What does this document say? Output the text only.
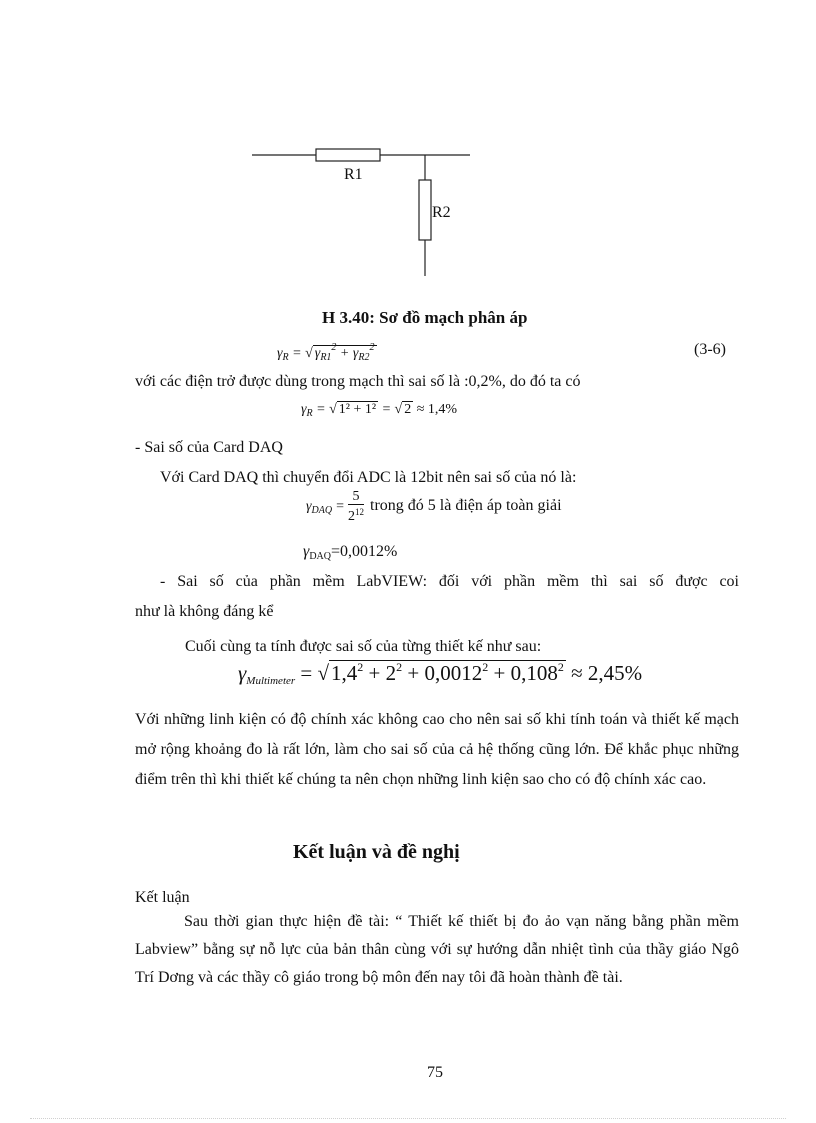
R1
R2
H 3.40: Sơ đồ mạch phân áp
$\gamma_R$ = √ $\gamma_{R1}^2 + \gamma_{R2}^2$	(3-6)
với các điện trở được dùng trong mạch thì sai số là :0,2%, do đó ta có
$\gamma_R$ = √ 1² + 1² = √ 2 ≈ 1,4%
- Sai số của Card DAQ
Với Card DAQ thì chuyển đổi ADC là 12bit nên sai số của nó là:
$\gamma_{DAQ} = \frac{5}{2^{12}}$ trong đó 5 là điện áp toàn giải
$\gamma_{DAQ}=0,0012\%$
- Sai số của phần mềm LabVIEW: đối với phần mềm thì sai số được coi
như là không đáng kể
Cuối cùng ta tính được sai số của từng thiết kế như sau:
$\gamma_{Multimeter} = √1,4^2 + 2^2 + 0,0012^2 + 0,108^2 \approx 2,45\%$
Với những linh kiện có độ chính xác không cao cho nên sai số khi tính toán và thiết kế mạch mở rộng khoảng đo là rất lớn, làm cho sai số của cả hệ thống cũng lớn. Để khắc phục những điểm trên thì khi thiết kế chúng ta nên chọn những linh kiện sao cho có độ chính xác cao.
Kết luận và đề nghị
Kết luận
Sau thời gian thực hiện đề tài: “ Thiết kế thiết bị đo ảo vạn năng bằng phần mềm Labview” bằng sự nỗ lực của bản thân cùng với sự hướng dẫn nhiệt tình của thầy giáo Ngô Trí Dơng và các thầy cô giáo trong bộ môn đến nay tôi đã hoàn thành đề tài.
75
